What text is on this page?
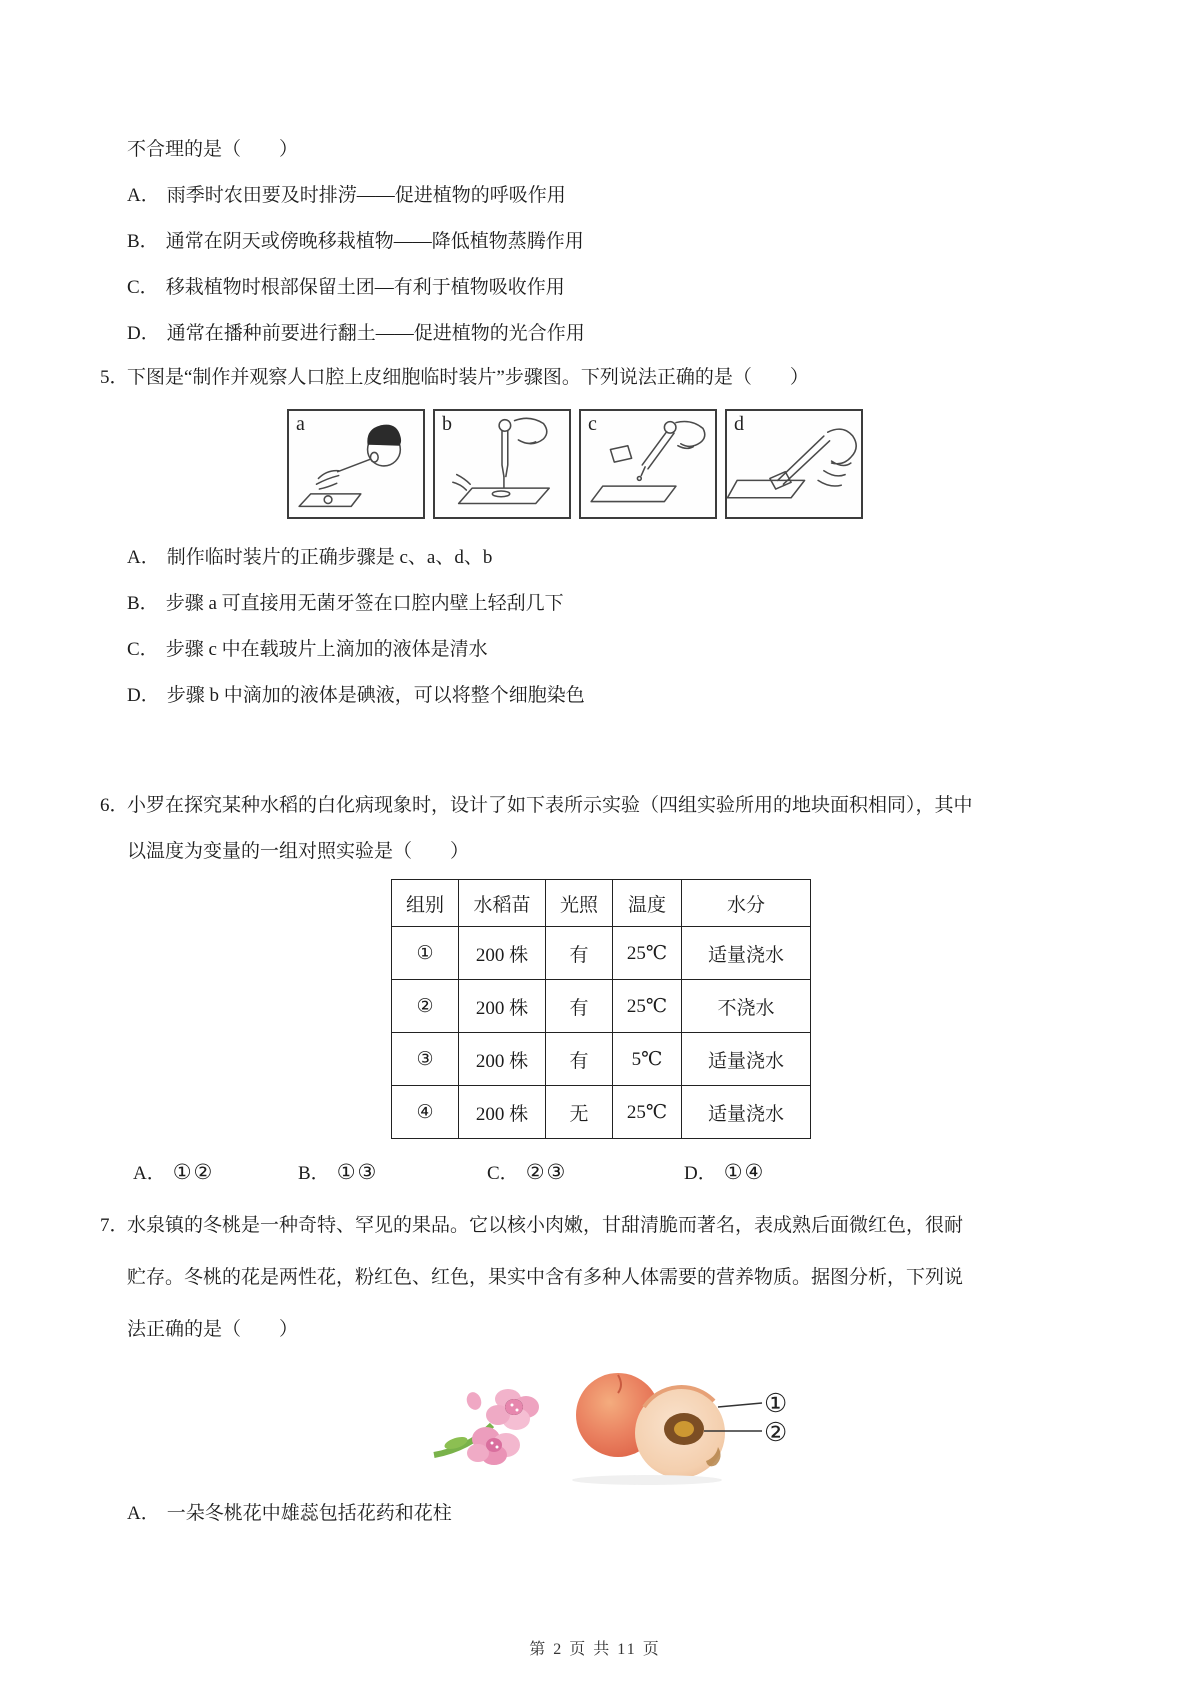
不合理的是（　　）
A． 雨季时农田要及时排涝——促进植物的呼吸作用
B． 通常在阴天或傍晚移栽植物——降低植物蒸腾作用
C． 移栽植物时根部保留土团—有利于植物吸收作用
D． 通常在播种前要进行翻土——促进植物的光合作用
5．
下图是“制作并观察人口腔上皮细胞临时装片”步骤图。下列说法正确的是（　　）
a	b	c	d
A． 制作临时装片的正确步骤是 c、a、d、b
B． 步骤 a 可直接用无菌牙签在口腔内壁上轻刮几下
C． 步骤 c 中在载玻片上滴加的液体是清水
D． 步骤 b 中滴加的液体是碘液，可以将整个细胞染色
6．
小罗在探究某种水稻的白化病现象时，设计了如下表所示实验（四组实验所用的地块面积相同），其中
以温度为变量的一组对照实验是（　　）
组别	水稻苗	光照	温度	水分
①	200 株	有	25℃	适量浇水
②	200 株	有	25℃	不浇水
③	200 株	有	5℃	适量浇水
④	200 株	无	25℃	适量浇水
A． ①②	B． ①③	C． ②③	D． ①④
7．
水泉镇的冬桃是一种奇特、罕见的果品。它以核小肉嫩，甘甜清脆而著名，表成熟后面微红色，很耐
贮存。冬桃的花是两性花，粉红色、红色，果实中含有多种人体需要的营养物质。据图分析，下列说
法正确的是（　　）
①
②
A． 一朵冬桃花中雄蕊包括花药和花柱
第 2 页 共 11 页
